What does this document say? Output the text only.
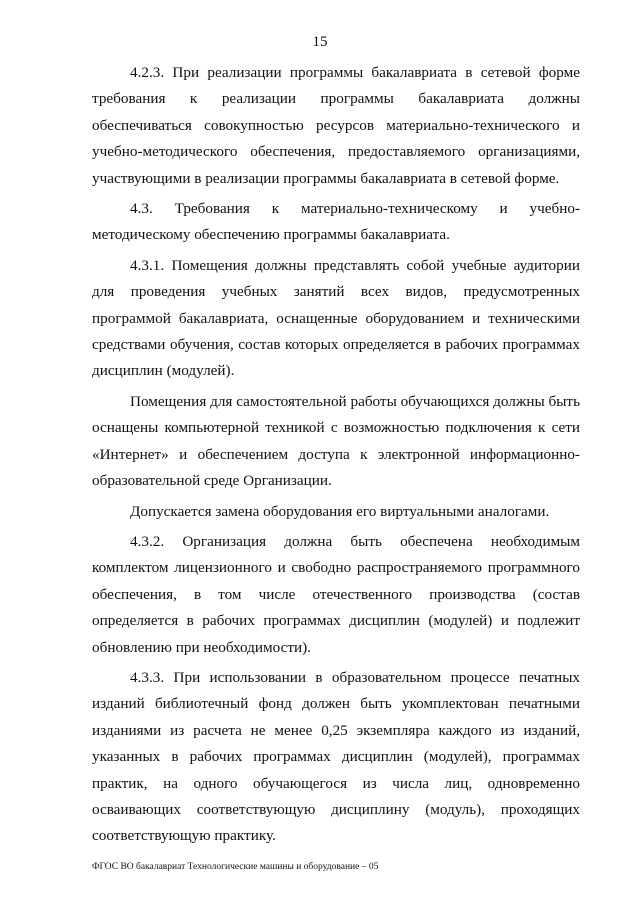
15

4.2.3. При реализации программы бакалавриата в сетевой форме требования к реализации программы бакалавриата должны обеспечиваться совокупностью ресурсов материально-технического и учебно-методического обеспечения, предоставляемого организациями, участвующими в реализации программы бакалавриата в сетевой форме.

4.3. Требования к материально-техническому и учебно-методическому обеспечению программы бакалавриата.

4.3.1. Помещения должны представлять собой учебные аудитории для проведения учебных занятий всех видов, предусмотренных программой бакалавриата, оснащенные оборудованием и техническими средствами обучения, состав которых определяется в рабочих программах дисциплин (модулей).

Помещения для самостоятельной работы обучающихся должны быть оснащены компьютерной техникой с возможностью подключения к сети «Интернет» и обеспечением доступа к электронной информационно-образовательной среде Организации.

Допускается замена оборудования его виртуальными аналогами.

4.3.2. Организация должна быть обеспечена необходимым комплектом лицензионного и свободно распространяемого программного обеспечения, в том числе отечественного производства (состав определяется в рабочих программах дисциплин (модулей) и подлежит обновлению при необходимости).

4.3.3. При использовании в образовательном процессе печатных изданий библиотечный фонд должен быть укомплектован печатными изданиями из расчета не менее 0,25 экземпляра каждого из изданий, указанных в рабочих программах дисциплин (модулей), программах практик, на одного обучающегося из числа лиц, одновременно осваивающих соответствующую дисциплину (модуль), проходящих соответствующую практику.

ФГОС ВО бакалавриат Технологические машины и оборудование – 05
